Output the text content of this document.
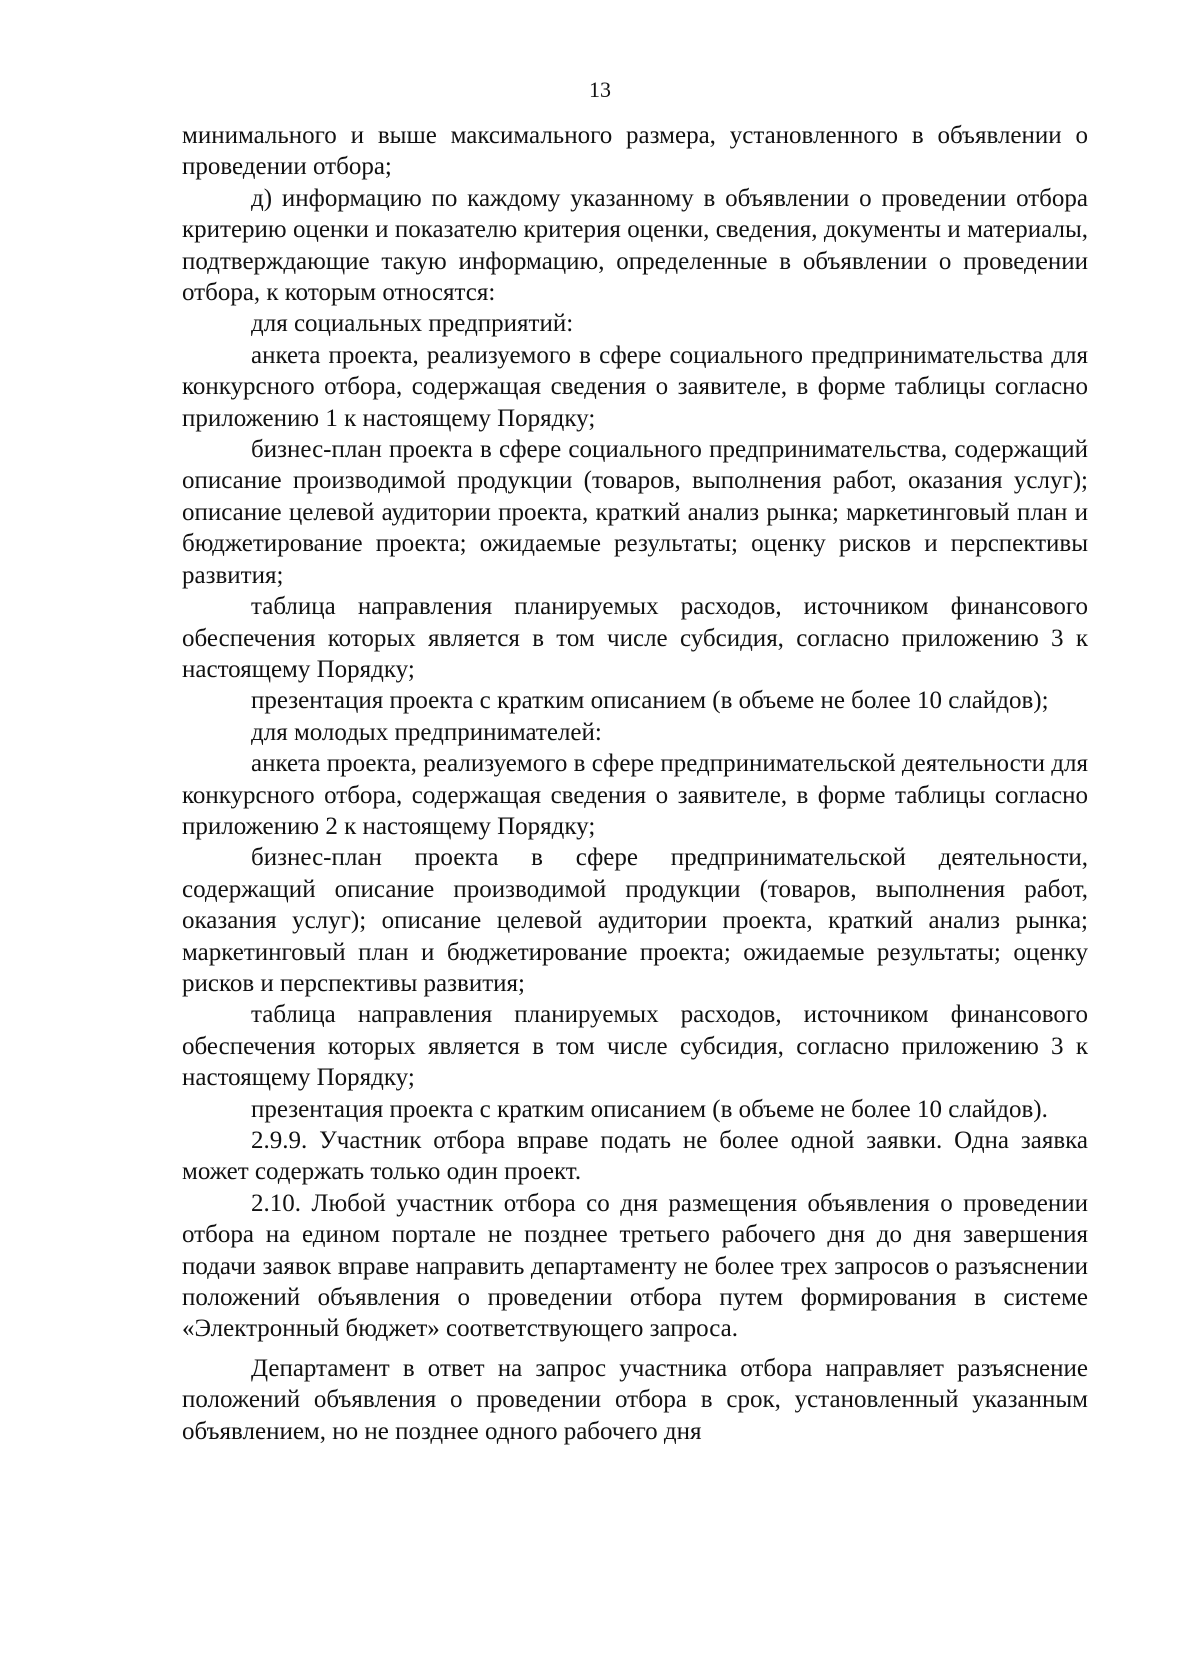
13

минимального и выше максимального размера, установленного в объявлении о проведении отбора;

д) информацию по каждому указанному в объявлении о проведении отбора критерию оценки и показателю критерия оценки, сведения, документы и материалы, подтверждающие такую информацию, определенные в объявлении о проведении отбора, к которым относятся:

для социальных предприятий:

анкета проекта, реализуемого в сфере социального предпринимательства для конкурсного отбора, содержащая сведения о заявителе, в форме таблицы согласно приложению 1 к настоящему Порядку;

бизнес-план проекта в сфере социального предпринимательства, содержащий описание производимой продукции (товаров, выполнения работ, оказания услуг); описание целевой аудитории проекта, краткий анализ рынка; маркетинговый план и бюджетирование проекта; ожидаемые результаты; оценку рисков и перспективы развития;

таблица направления планируемых расходов, источником финансового обеспечения которых является в том числе субсидия, согласно приложению 3 к настоящему Порядку;

презентация проекта с кратким описанием (в объеме не более 10 слайдов);

для молодых предпринимателей:

анкета проекта, реализуемого в сфере предпринимательской деятельности для конкурсного отбора, содержащая сведения о заявителе, в форме таблицы согласно приложению 2 к настоящему Порядку;

бизнес-план проекта в сфере предпринимательской деятельности, содержащий описание производимой продукции (товаров, выполнения работ, оказания услуг); описание целевой аудитории проекта, краткий анализ рынка; маркетинговый план и бюджетирование проекта; ожидаемые результаты; оценку рисков и перспективы развития;

таблица направления планируемых расходов, источником финансового обеспечения которых является в том числе субсидия, согласно приложению 3 к настоящему Порядку;

презентация проекта с кратким описанием (в объеме не более 10 слайдов).

2.9.9. Участник отбора вправе подать не более одной заявки. Одна заявка может содержать только один проект.

2.10. Любой участник отбора со дня размещения объявления о проведении отбора на едином портале не позднее третьего рабочего дня до дня завершения подачи заявок вправе направить департаменту не более трех запросов о разъяснении положений объявления о проведении отбора путем формирования в системе «Электронный бюджет» соответствующего запроса.

Департамент в ответ на запрос участника отбора направляет разъяснение положений объявления о проведении отбора в срок, установленный указанным объявлением, но не позднее одного рабочего дня
